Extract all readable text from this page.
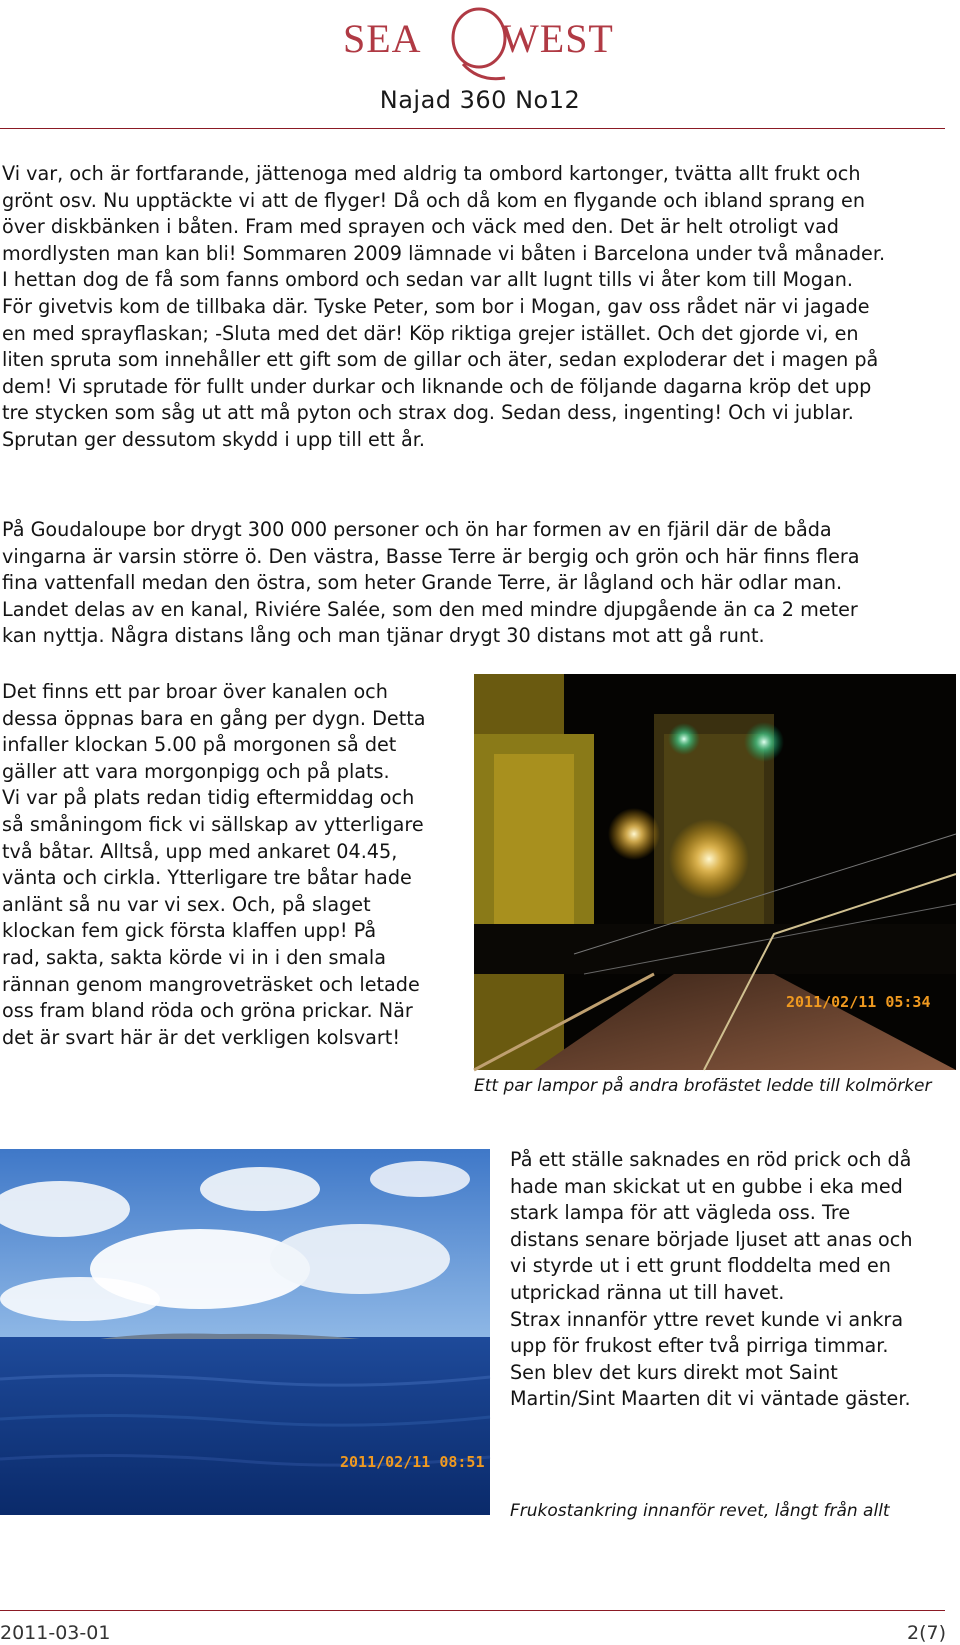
SEA WEST
Najad 360 No12
Vi var, och är fortfarande, jättenoga med aldrig ta ombord kartonger, tvätta allt frukt och
grönt osv. Nu upptäckte vi att de flyger! Då och då kom en flygande och ibland sprang en
över diskbänken i båten. Fram med sprayen och väck med den. Det är helt otroligt vad
mordlysten man kan bli! Sommaren 2009 lämnade vi båten i Barcelona under två månader.
I hettan dog de få som fanns ombord och sedan var allt lugnt tills vi åter kom till Mogan.
För givetvis kom de tillbaka där. Tyske Peter, som bor i Mogan, gav oss rådet när vi jagade
en med sprayflaskan; -Sluta med det där! Köp riktiga grejer istället. Och det gjorde vi, en
liten spruta som innehåller ett gift som de gillar och äter, sedan exploderar det i magen på
dem! Vi sprutade för fullt under durkar och liknande och de följande dagarna kröp det upp
tre stycken som såg ut att må pyton och strax dog. Sedan dess, ingenting! Och vi jublar.
Sprutan ger dessutom skydd i upp till ett år.
På Goudaloupe bor drygt 300 000 personer och ön har formen av en fjäril där de båda
vingarna är varsin större ö. Den västra, Basse Terre är bergig och grön och här finns flera
fina vattenfall medan den östra, som heter Grande Terre, är lågland och här odlar man.
Landet delas av en kanal, Riviére Salée, som den med mindre djupgående än ca 2 meter
kan nyttja. Några distans lång och man tjänar drygt 30 distans mot att gå runt.
Det finns ett par broar över kanalen och
dessa öppnas bara en gång per dygn. Detta
infaller klockan 5.00 på morgonen så det
gäller att vara morgonpigg och på plats.
Vi var på plats redan tidig eftermiddag och
så småningom fick vi sällskap av ytterligare
två båtar. Alltså, upp med ankaret 04.45,
vänta och cirkla. Ytterligare tre båtar hade
anlänt så nu var vi sex. Och, på slaget
klockan fem gick första klaffen upp! På
rad, sakta, sakta körde vi in i den smala
rännan genom mangroveträsket och letade
oss fram bland röda och gröna prickar. När
det är svart här är det verkligen kolsvart!
2011/02/11 05:34
Ett par lampor på andra brofästet ledde till kolmörker
2011/02/11 08:51
På ett ställe saknades en röd prick och då
hade man skickat ut en gubbe i eka med
stark lampa för att vägleda oss. Tre
distans senare började ljuset att anas och
vi styrde ut i ett grunt floddelta med en
utprickad ränna ut till havet.
Strax innanför yttre revet kunde vi ankra
upp för frukost efter två pirriga timmar.
Sen blev det kurs direkt mot Saint
Martin/Sint Maarten dit vi väntade gäster.
Frukostankring innanför revet, långt från allt
2011-03-01	2(7)
